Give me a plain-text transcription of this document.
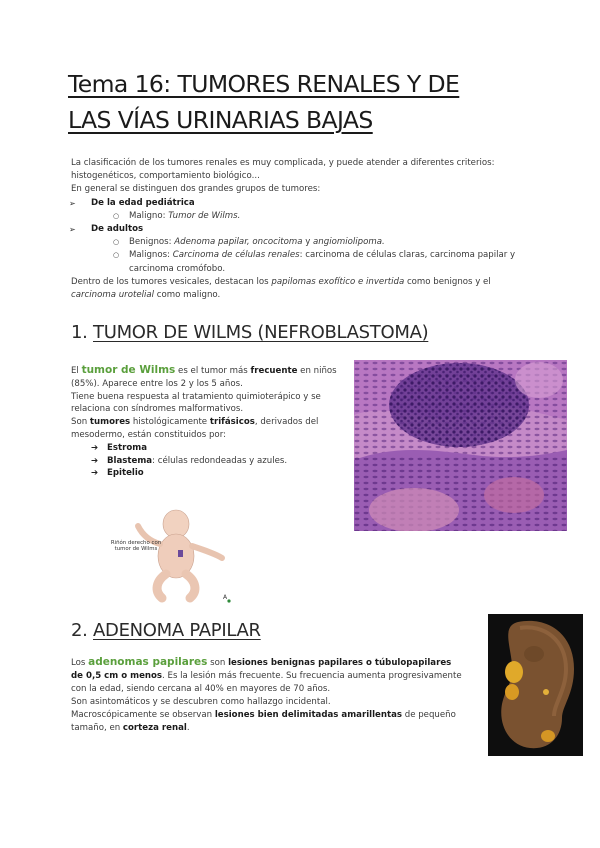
Tema 16: TUMORES RENALES Y DE
LAS VÍAS URINARIAS BAJAS

La clasificación de los tumores renales es muy complicada, y puede atender a diferentes criterios: histogenéticos, comportamiento biológico...

En general se distinguen dos grandes grupos de tumores:

➢ De la edad pediátrica

○ Maligno: Tumor de Wilms.

➢ De adultos

○ Benignos: Adenoma papilar, oncocitoma y angiomiolipoma.

○ Malignos: Carcinoma de células renales: carcinoma de células claras, carcinoma papilar y carcinoma cromófobo.

Dentro de los tumores vesicales, destacan los papilomas exofítico e invertida como benignos y el carcinoma urotelial como maligno.

1. TUMOR DE WILMS (NEFROBLASTOMA)

El tumor de Wilms es el tumor más frecuente en niños (85%). Aparece entre los 2 y los 5 años.

Tiene buena respuesta al tratamiento quimioterápico y se relaciona con síndromes malformativos.

Son tumores histológicamente trifásicos, derivados del mesodermo, están constituidos por:

➔ Estroma

➔ Blastema: células redondeadas y azules.

➔ Epitelio

Riñón derecho con
tumor de Wilms
A
2. ADENOMA PAPILAR

Los adenomas papilares son lesiones benignas papilares o túbulopapilares de 0,5 cm o menos. Es la lesión más frecuente. Su frecuencia aumenta progresivamente con la edad, siendo cercana al 40% en mayores de 70 años.

Son asintomáticos y se descubren como hallazgo incidental.

Macroscópicamente se observan lesiones bien delimitadas amarillentas de pequeño tamaño, en corteza renal.
